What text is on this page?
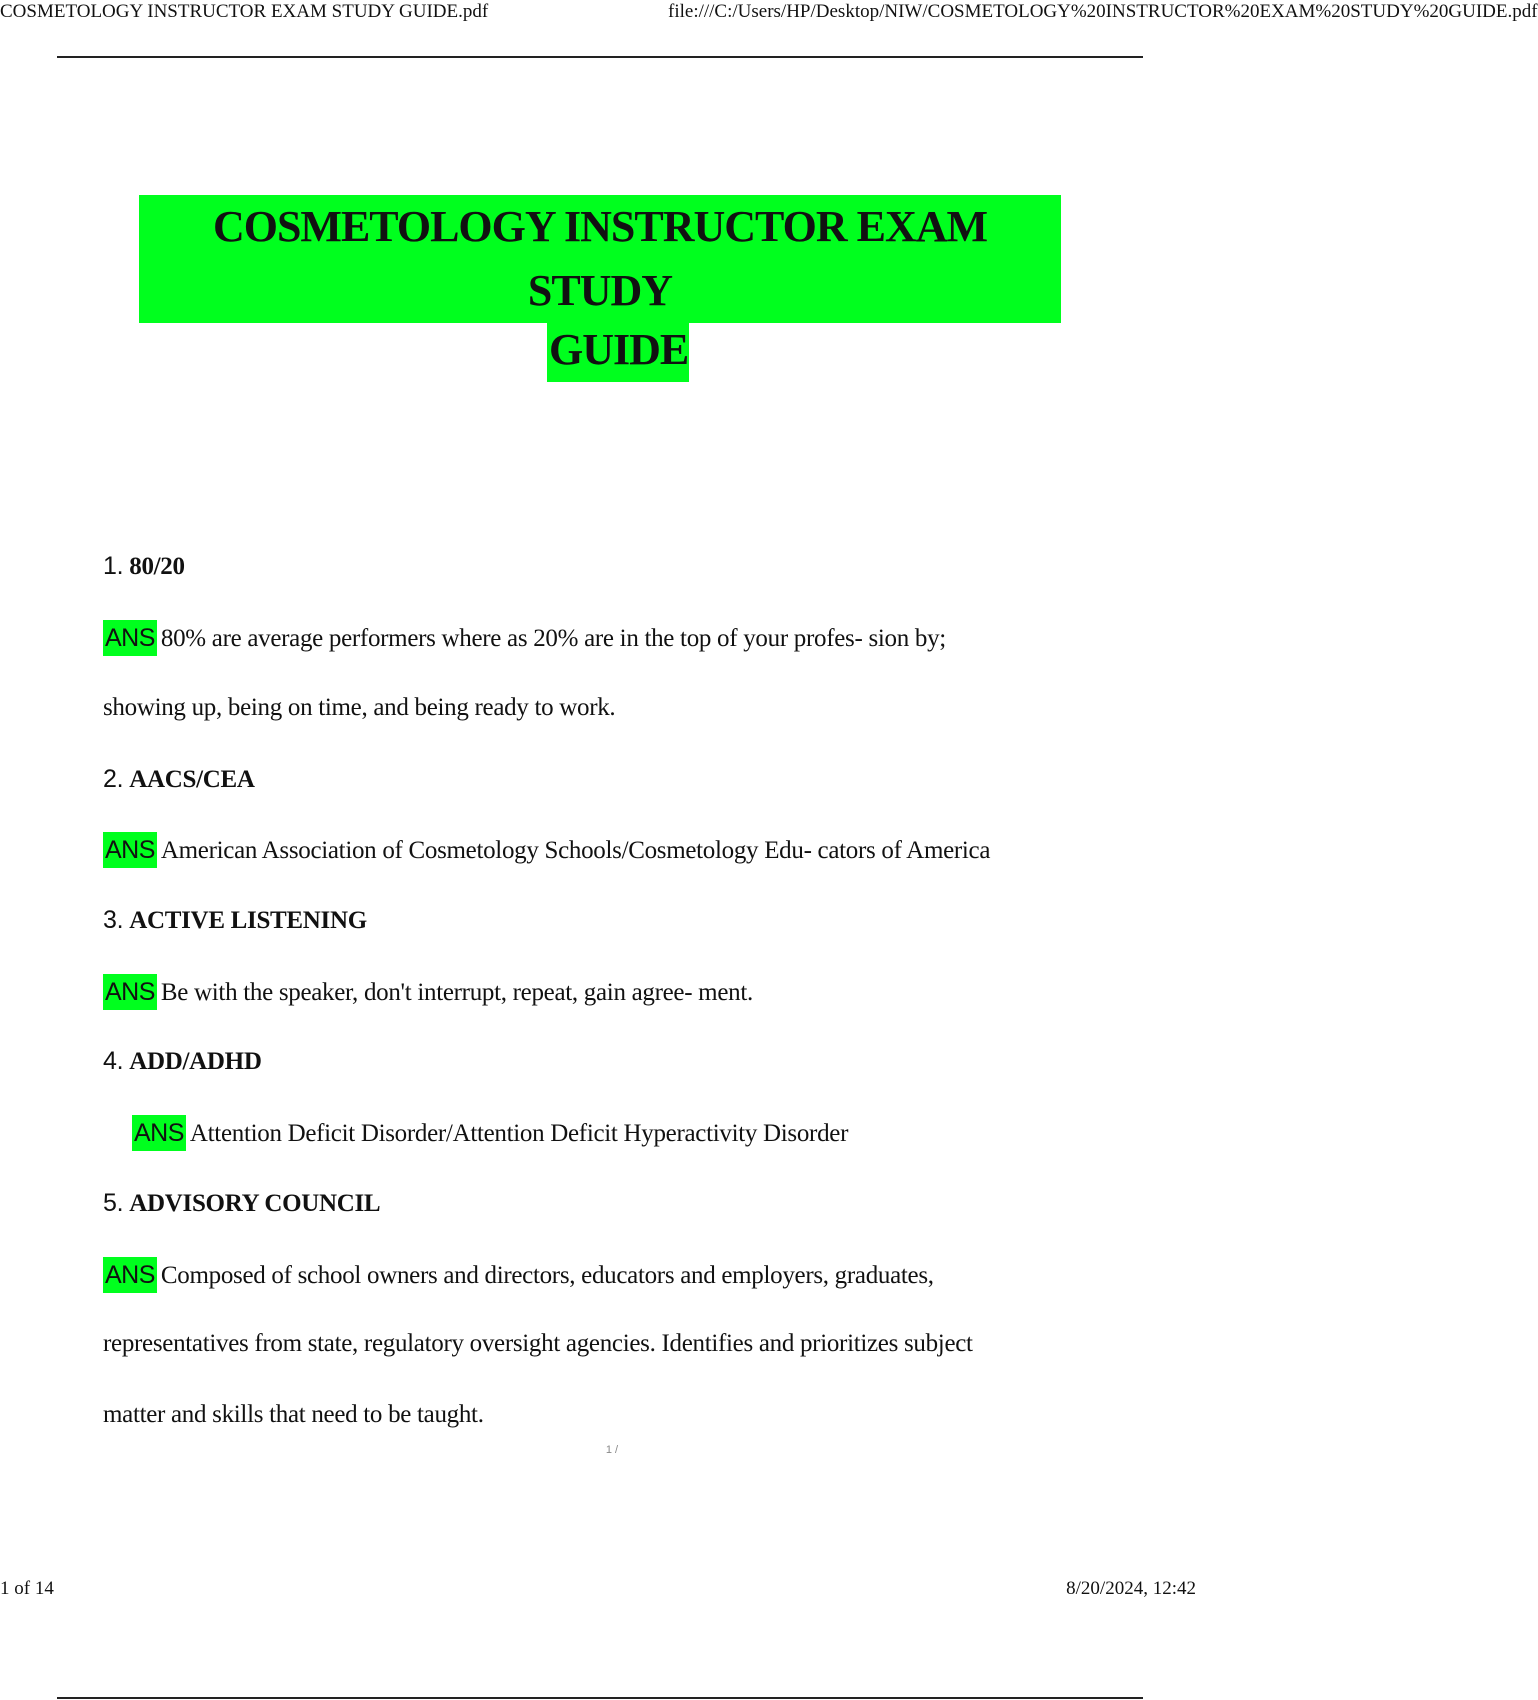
COSMETOLOGY INSTRUCTOR EXAM STUDY GUIDE.pdf	file:///C:/Users/HP/Desktop/NIW/COSMETOLOGY%20INSTRUCTOR%20EXAM%20STUDY%20GUIDE.pdf
COSMETOLOGY INSTRUCTOR EXAM STUDY
GUIDE
1. 80/20
ANS 80% are average performers where as 20% are in the top of your profes- sion by;
showing up, being on time, and being ready to work.
2. AACS/CEA
ANS American Association of Cosmetology Schools/Cosmetology Edu- cators of America
3. ACTIVE LISTENING
ANS Be with the speaker, don't interrupt, repeat, gain agree- ment.
4. ADD/ADHD
ANS Attention Deficit Disorder/Attention Deficit Hyperactivity Disorder
5. ADVISORY COUNCIL
ANS Composed of school owners and directors, educators and employers, graduates,
representatives from state, regulatory oversight agencies. Identifies and prioritizes subject
matter and skills that need to be taught.
1 /
1 of 14	8/20/2024, 12:42
